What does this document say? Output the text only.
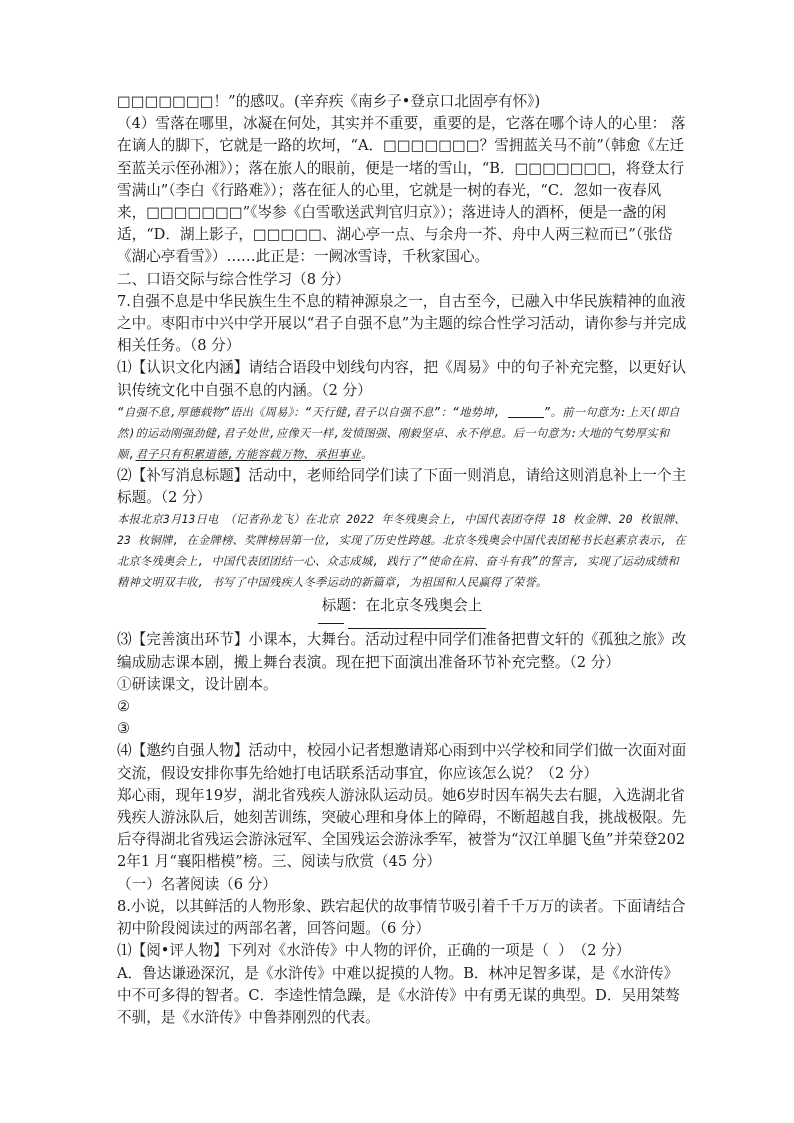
□□□□□□□！”的感叹。(辛弃疾《南乡子•登京口北固亭有怀》)

（4）雪落在哪里，冰凝在何处，其实并不重要，重要的是，它落在哪个诗人的心里： 落在谪人的脚下，它就是一路的坎坷，“A．□□□□□□□？雪拥蓝关马不前”（韩愈《左迁至蓝关示侄孙湘》）；落在旅人的眼前，便是一堵的雪山，“B．□□□□□□□，将登太行雪满山”（李白《行路难》）；落在征人的心里，它就是一树的春光，“C．忽如一夜春风来，□□□□□□□”《岑参《白雪歌送武判官归京》）；落进诗人的酒杯，便是一盏的闲适，“D．湖上影子，□□□□□、湖心亭一点、与余舟一芥、舟中人两三粒而已”（张岱《湖心亭看雪》）……此正是：一阙冰雪诗，千秋家国心。

二、口语交际与综合性学习（8 分）

7.自强不息是中华民族生生不息的精神源泉之一，自古至今，已融入中华民族精神的血液之中。枣阳市中兴中学开展以“君子自强不息”为主题的综合性学习活动，请你参与并完成相关任务。（8 分）

⑴【认识文化内涵】请结合语段中划线句内容，把《周易》中的句子补充完整，以更好认识传统文化中自强不息的内涵。（2 分）

“自强不息,厚德载物”语出《周易》：“天行健,君子以自强不息”：“地势坤,	”。前一句意为:上天(即自然)的运动刚强劲健,君子处世,应像天一样,发愤图强、刚毅坚卓、永不停息。后一句意为:大地的气势厚实和顺,君子只有积累道德,方能容载万物、承担事业。

⑵【补写消息标题】活动中，老师给同学们读了下面一则消息，请给这则消息补上一个主标题。（2 分）

本报北京3月13日电　（记者孙龙飞）在北京 2022 年冬残奥会上, 中国代表团夺得 18 枚金牌、20 枚银牌、23 枚铜牌, 在金牌榜、奖牌榜居第一位, 实现了历史性跨越。北京冬残奥会中国代表团秘书长赵素京表示, 在北京冬残奥会上, 中国代表团团结一心、众志成城, 践行了“使命在肩、奋斗有我”的誓言, 实现了运动成绩和精神文明双丰收, 书写了中国残疾人冬季运动的新篇章, 为祖国和人民赢得了荣誉。

标题：在北京冬残奥会上

⑶【完善演出环节】小课本，大舞台。活动过程中同学们准备把曹文轩的《孤独之旅》改编成励志课本剧，搬上舞台表演。现在把下面演出准备环节补充完整。（2 分）

①研读课文，设计剧本。

②

③

⑷【邀约自强人物】活动中，校园小记者想邀请郑心雨到中兴学校和同学们做一次面对面交流，假设安排你事先给她打电话联系活动事宜，你应该怎么说？（2 分）

郑心雨，现年19岁，湖北省残疾人游泳队运动员。她6岁时因车祸失去右腿，入选湖北省残疾人游泳队后，她刻苦训练，突破心理和身体上的障碍，不断超越自我，挑战极限。先后夺得湖北省残运会游泳冠军、全国残运会游泳季军，被誉为“汉江单腿飞鱼”并荣登2022年1 月“襄阳楷模”榜。三、阅读与欣赏（45 分）

（一）名著阅读（6 分）

8.小说，以其鲜活的人物形象、跌宕起伏的故事情节吸引着千千万万的读者。下面请结合初中阶段阅读过的两部名著，回答问题。（6 分）

⑴【阅•评人物】下列对《水浒传》中人物的评价，正确的一项是（  ）　（2 分）

A．鲁达谦逊深沉，是《水浒传》中难以捉摸的人物。B．林冲足智多谋，是《水浒传》中不可多得的智者。C．李逵性情急躁，是《水浒传》中有勇无谋的典型。D．吴用桀骜不驯，是《水浒传》中鲁莽刚烈的代表。
